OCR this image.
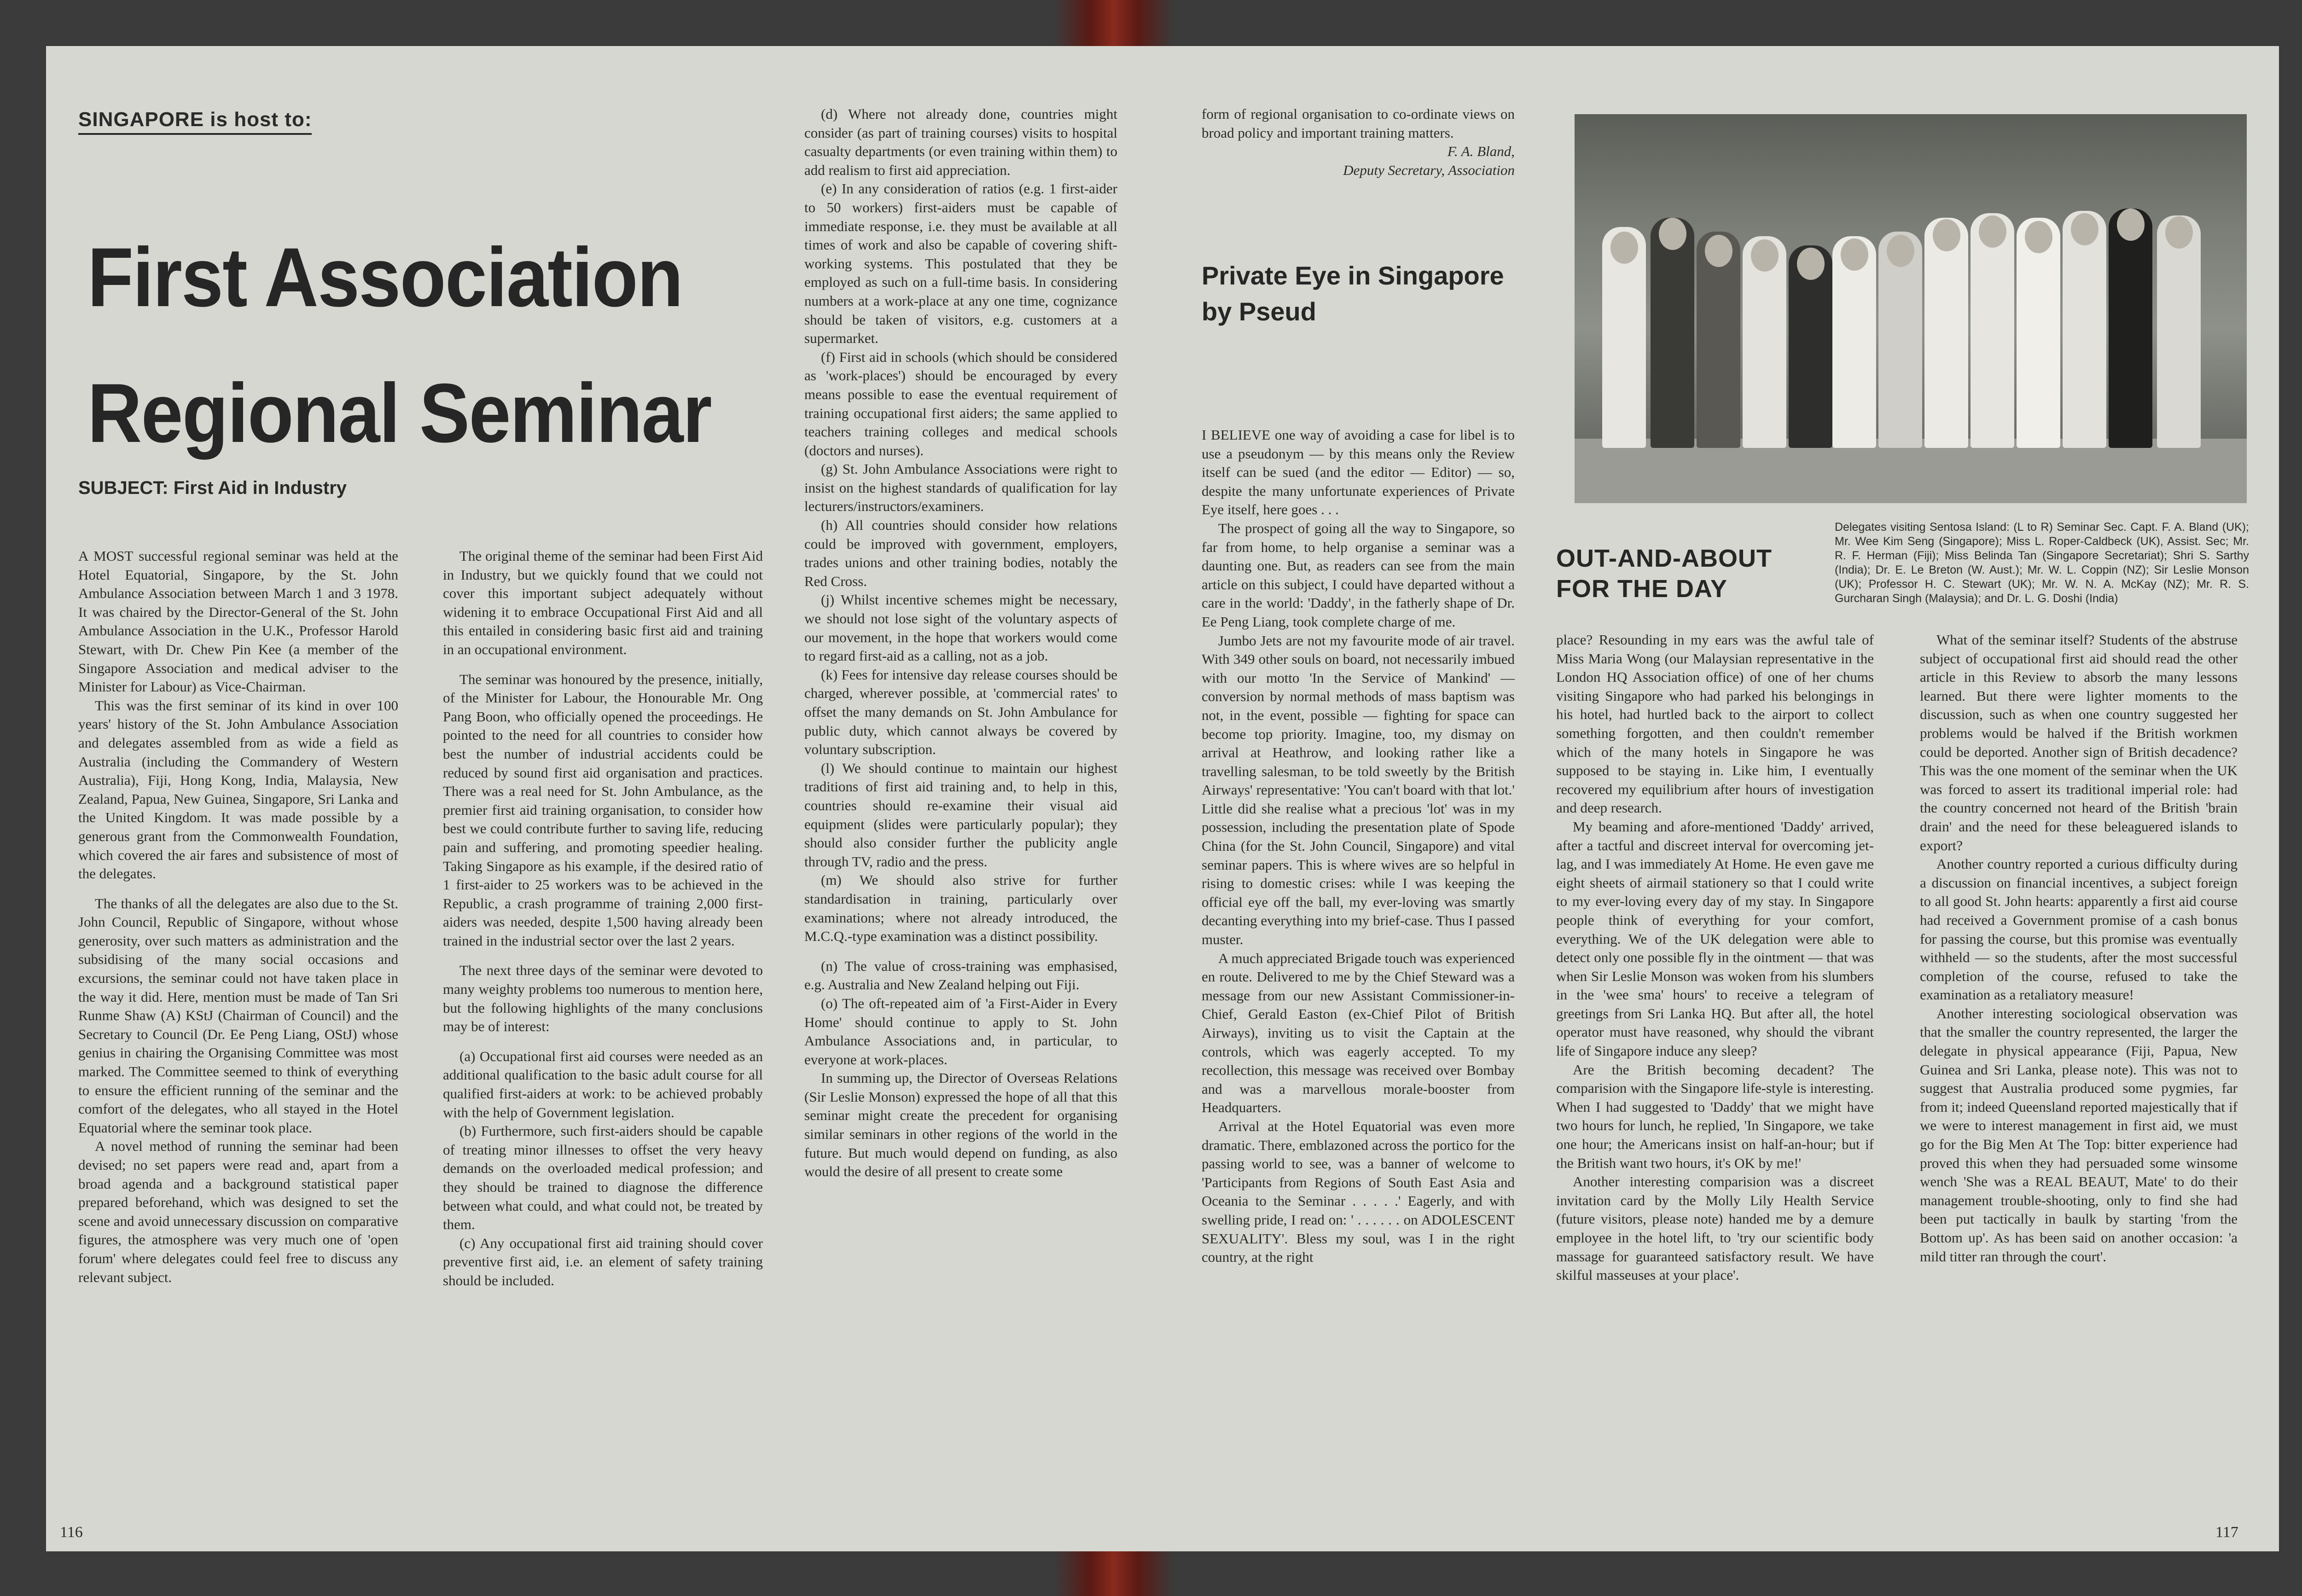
SINGAPORE is host to:
First Association
Regional Seminar
SUBJECT: First Aid in Industry

A MOST successful regional seminar was held at the Hotel Equatorial, Singapore, by the St. John Ambulance Association between March 1 and 3 1978. It was chaired by the Director-General of the St. John Ambulance Association in the U.K., Professor Harold Stewart, with Dr. Chew Pin Kee (a member of the Singapore Association and medical adviser to the Minister for Labour) as Vice-Chairman.

This was the first seminar of its kind in over 100 years' history of the St. John Ambulance Association and delegates assembled from as wide a field as Australia (including the Commandery of Western Australia), Fiji, Hong Kong, India, Malaysia, New Zealand, Papua, New Guinea, Singapore, Sri Lanka and the United Kingdom. It was made possible by a generous grant from the Commonwealth Foundation, which covered the air fares and subsistence of most of the delegates.

The thanks of all the delegates are also due to the St. John Council, Republic of Singapore, without whose generosity, over such matters as administration and the subsidising of the many social occasions and excursions, the seminar could not have taken place in the way it did. Here, mention must be made of Tan Sri Runme Shaw (A) KStJ (Chairman of Council) and the Secretary to Council (Dr. Ee Peng Liang, OStJ) whose genius in chairing the Organising Committee was most marked. The Committee seemed to think of everything to ensure the efficient running of the seminar and the comfort of the delegates, who all stayed in the Hotel Equatorial where the seminar took place.

A novel method of running the seminar had been devised; no set papers were read and, apart from a broad agenda and a background statistical paper prepared beforehand, which was designed to set the scene and avoid unnecessary discussion on comparative figures, the atmosphere was very much one of 'open forum' where delegates could feel free to discuss any relevant subject.

The original theme of the seminar had been First Aid in Industry, but we quickly found that we could not cover this important subject adequately without widening it to embrace Occupational First Aid and all this entailed in considering basic first aid and training in an occupational environment.

The seminar was honoured by the presence, initially, of the Minister for Labour, the Honourable Mr. Ong Pang Boon, who officially opened the proceedings. He pointed to the need for all countries to consider how best the number of industrial accidents could be reduced by sound first aid organisation and practices. There was a real need for St. John Ambulance, as the premier first aid training organisation, to consider how best we could contribute further to saving life, reducing pain and suffering, and promoting speedier healing. Taking Singapore as his example, if the desired ratio of 1 first-aider to 25 workers was to be achieved in the Republic, a crash programme of training 2,000 first-aiders was needed, despite 1,500 having already been trained in the industrial sector over the last 2 years.

The next three days of the seminar were devoted to many weighty problems too numerous to mention here, but the following highlights of the many conclusions may be of interest:

(a) Occupational first aid courses were needed as an additional qualification to the basic adult course for all qualified first-aiders at work: to be achieved probably with the help of Government legislation.

(b) Furthermore, such first-aiders should be capable of treating minor illnesses to offset the very heavy demands on the overloaded medical profession; and they should be trained to diagnose the difference between what could, and what could not, be treated by them.

(c) Any occupational first aid training should cover preventive first aid, i.e. an element of safety training should be included.

(d) Where not already done, countries might consider (as part of training courses) visits to hospital casualty departments (or even training within them) to add realism to first aid appreciation.

(e) In any consideration of ratios (e.g. 1 first-aider to 50 workers) first-aiders must be capable of immediate response, i.e. they must be available at all times of work and also be capable of covering shift-working systems. This postulated that they be employed as such on a full-time basis. In considering numbers at a work-place at any one time, cognizance should be taken of visitors, e.g. customers at a supermarket.

(f) First aid in schools (which should be considered as 'work-places') should be encouraged by every means possible to ease the eventual requirement of training occupational first aiders; the same applied to teachers training colleges and medical schools (doctors and nurses).

(g) St. John Ambulance Associations were right to insist on the highest standards of qualification for lay lecturers/instructors/examiners.

(h) All countries should consider how relations could be improved with government, employers, trades unions and other training bodies, notably the Red Cross.

(j) Whilst incentive schemes might be necessary, we should not lose sight of the voluntary aspects of our movement, in the hope that workers would come to regard first-aid as a calling, not as a job.

(k) Fees for intensive day release courses should be charged, wherever possible, at 'commercial rates' to offset the many demands on St. John Ambulance for public duty, which cannot always be covered by voluntary subscription.

(l) We should continue to maintain our highest traditions of first aid training and, to help in this, countries should re-examine their visual aid equipment (slides were particularly popular); they should also consider further the publicity angle through TV, radio and the press.

(m) We should also strive for further standardisation in training, particularly over examinations; where not already introduced, the M.C.Q.-type examination was a distinct possibility.

(n) The value of cross-training was emphasised, e.g. Australia and New Zealand helping out Fiji.

(o) The oft-repeated aim of 'a First-Aider in Every Home' should continue to apply to St. John Ambulance Associations and, in particular, to everyone at work-places.

In summing up, the Director of Overseas Relations (Sir Leslie Monson) expressed the hope of all that this seminar might create the precedent for organising similar seminars in other regions of the world in the future. But much would depend on funding, as also would the desire of all present to create some

116

form of regional organisation to co-ordinate views on broad policy and important training matters.

F. A. Bland,

Deputy Secretary, Association

Private Eye in Singapore
by Pseud
OUT-AND-ABOUT
FOR THE DAY
Delegates visiting Sentosa Island: (L to R) Seminar Sec. Capt. F. A. Bland (UK); Mr. Wee Kim Seng (Singapore); Miss L. Roper-Caldbeck (UK), Assist. Sec; Mr. R. F. Herman (Fiji); Miss Belinda Tan (Singapore Secretariat); Shri S. Sarthy (India); Dr. E. Le Breton (W. Aust.); Mr. W. L. Coppin (NZ); Sir Leslie Monson (UK); Professor H. C. Stewart (UK); Mr. W. N. A. McKay (NZ); Mr. R. S. Gurcharan Singh (Malaysia); and Dr. L. G. Doshi (India)

I BELIEVE one way of avoiding a case for libel is to use a pseudonym — by this means only the Review itself can be sued (and the editor — Editor) — so, despite the many unfortunate experiences of Private Eye itself, here goes . . .

The prospect of going all the way to Singapore, so far from home, to help organise a seminar was a daunting one. But, as readers can see from the main article on this subject, I could have departed without a care in the world: 'Daddy', in the fatherly shape of Dr. Ee Peng Liang, took complete charge of me.

Jumbo Jets are not my favourite mode of air travel. With 349 other souls on board, not necessarily imbued with our motto 'In the Service of Mankind' — conversion by normal methods of mass baptism was not, in the event, possible — fighting for space can become top priority. Imagine, too, my dismay on arrival at Heathrow, and looking rather like a travelling salesman, to be told sweetly by the British Airways' representative: 'You can't board with that lot.' Little did she realise what a precious 'lot' was in my possession, including the presentation plate of Spode China (for the St. John Council, Singapore) and vital seminar papers. This is where wives are so helpful in rising to domestic crises: while I was keeping the official eye off the ball, my ever-loving was smartly decanting everything into my brief-case. Thus I passed muster.

A much appreciated Brigade touch was experienced en route. Delivered to me by the Chief Steward was a message from our new Assistant Commissioner-in-Chief, Gerald Easton (ex-Chief Pilot of British Airways), inviting us to visit the Captain at the controls, which was eagerly accepted. To my recollection, this message was received over Bombay and was a marvellous morale-booster from Headquarters.

Arrival at the Hotel Equatorial was even more dramatic. There, emblazoned across the portico for the passing world to see, was a banner of welcome to 'Participants from Regions of South East Asia and Oceania to the Seminar . . . . .' Eagerly, and with swelling pride, I read on: ' . . . . . . on ADOLESCENT SEXUALITY'. Bless my soul, was I in the right country, at the right

place? Resounding in my ears was the awful tale of Miss Maria Wong (our Malaysian representative in the London HQ Association office) of one of her chums visiting Singapore who had parked his belongings in his hotel, had hurtled back to the airport to collect something forgotten, and then couldn't remember which of the many hotels in Singapore he was supposed to be staying in. Like him, I eventually recovered my equilibrium after hours of investigation and deep research.

My beaming and afore-mentioned 'Daddy' arrived, after a tactful and discreet interval for overcoming jet-lag, and I was immediately At Home. He even gave me eight sheets of airmail stationery so that I could write to my ever-loving every day of my stay. In Singapore people think of everything for your comfort, everything. We of the UK delegation were able to detect only one possible fly in the ointment — that was when Sir Leslie Monson was woken from his slumbers in the 'wee sma' hours' to receive a telegram of greetings from Sri Lanka HQ. But after all, the hotel operator must have reasoned, why should the vibrant life of Singapore induce any sleep?

Are the British becoming decadent? The comparision with the Singapore life-style is interesting. When I had suggested to 'Daddy' that we might have two hours for lunch, he replied, 'In Singapore, we take one hour; the Americans insist on half-an-hour; but if the British want two hours, it's OK by me!'

Another interesting comparision was a discreet invitation card by the Molly Lily Health Service (future visitors, please note) handed me by a demure employee in the hotel lift, to 'try our scientific body massage for guaranteed satisfactory result. We have skilful masseuses at your place'.

What of the seminar itself? Students of the abstruse subject of occupational first aid should read the other article in this Review to absorb the many lessons learned. But there were lighter moments to the discussion, such as when one country suggested her problems would be halved if the British workmen could be deported. Another sign of British decadence? This was the one moment of the seminar when the UK was forced to assert its traditional imperial role: had the country concerned not heard of the British 'brain drain' and the need for these beleaguered islands to export?

Another country reported a curious difficulty during a discussion on financial incentives, a subject foreign to all good St. John hearts: apparently a first aid course had received a Government promise of a cash bonus for passing the course, but this promise was eventually withheld — so the students, after the most successful completion of the course, refused to take the examination as a retaliatory measure!

Another interesting sociological observation was that the smaller the country represented, the larger the delegate in physical appearance (Fiji, Papua, New Guinea and Sri Lanka, please note). This was not to suggest that Australia produced some pygmies, far from it; indeed Queensland reported majestically that if we were to interest management in first aid, we must go for the Big Men At The Top: bitter experience had proved this when they had persuaded some winsome wench 'She was a REAL BEAUT, Mate' to do their management trouble-shooting, only to find she had been put tactically in baulk by starting 'from the Bottom up'. As has been said on another occasion: 'a mild titter ran through the court'.

117
